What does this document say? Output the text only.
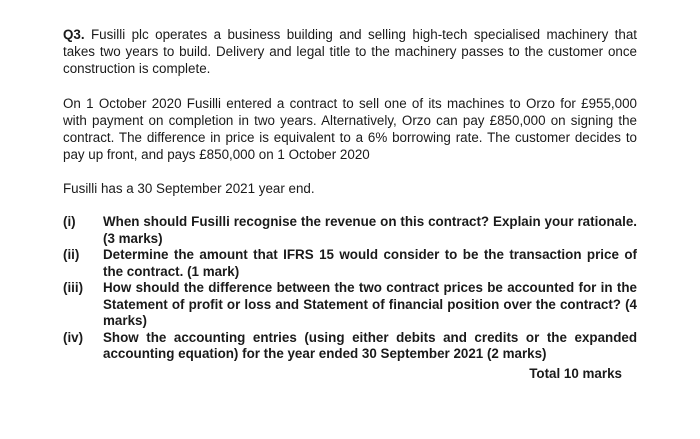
Q3. Fusilli plc operates a business building and selling high-tech specialised machinery that takes two years to build. Delivery and legal title to the machinery passes to the customer once construction is complete.

On 1 October 2020 Fusilli entered a contract to sell one of its machines to Orzo for £955,000 with payment on completion in two years. Alternatively, Orzo can pay £850,000 on signing the contract. The difference in price is equivalent to a 6% borrowing rate. The customer decides to pay up front, and pays £850,000 on 1 October 2020

Fusilli has a 30 September 2021 year end.

(i)	When should Fusilli recognise the revenue on this contract? Explain your rationale. (3 marks)
(ii)	Determine the amount that IFRS 15 would consider to be the transaction price of the contract. (1 mark)
(iii)	How should the difference between the two contract prices be accounted for in the Statement of profit or loss and Statement of financial position over the contract? (4 marks)
(iv)	Show the accounting entries (using either debits and credits or the expanded accounting equation) for the year ended 30 September 2021 (2 marks)
Total 10 marks
